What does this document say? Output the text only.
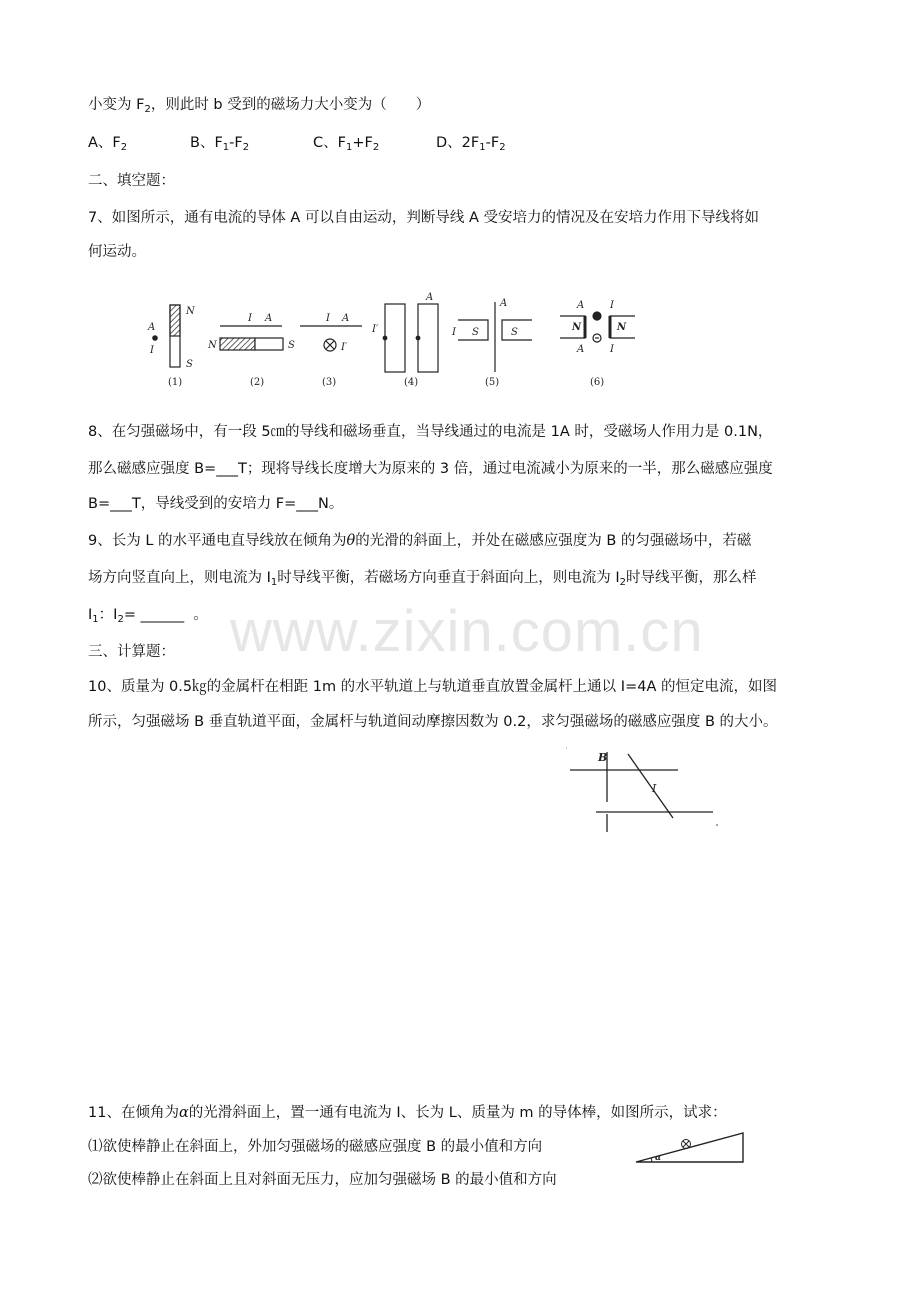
小变为 $F_2$，则此时 b 受到的磁场力大小变为（　　）
A、$F_2$	B、$F_1-F_2$	C、$F_1+F_2$	D、$2F_1-F_2$
二、填空题：
7、如图所示，通有电流的导体 A 可以自由运动，判断导线 A 受安培力的情况及在安培力作用下导线将如
何运动。
A
I
N
S
(1)
I A
N	S
(2)
I A
I′
(3)
I′
A
(4)
I S
A
S
(5)
A	I
N	N
A	I
(6)
8、在匀强磁场中，有一段 5㎝的导线和磁场垂直，当导线通过的电流是 1A 时，受磁场人作用力是 0.1N，
那么磁感应强度 B=___T；现将导线长度增大为原来的 3 倍，通过电流减小为原来的一半，那么磁感应强度
B=___T，导线受到的安培力 F=___N。
9、长为 L 的水平通电直导线放在倾角为θ的光滑的斜面上，并处在磁感应强度为 B 的匀强磁场中，若磁
场方向竖直向上，则电流为 $I_1$时导线平衡，若磁场方向垂直于斜面向上，则电流为 $I_2$时导线平衡，那么样
$I_1$：$I_2=$ ______  。 www.zixin.com.cn
三、计算题：
10、质量为 0.5㎏的金属杆在相距 1m 的水平轨道上与轨道垂直放置金属杆上通以 I=4A 的恒定电流，如图
所示，匀强磁场 B 垂直轨道平面，金属杆与轨道间动摩擦因数为 0.2，求匀强磁场的磁感应强度 B 的大小。
B
I
11、在倾角为α的光滑斜面上，置一通有电流为 I、长为 L、质量为 m 的导体棒，如图所示，试求：
⑴欲使棒静止在斜面上，外加匀强磁场的磁感应强度 B 的最小值和方向
⑵欲使棒静止在斜面上且对斜面无压力，应加匀强磁场 B 的最小值和方向
α
